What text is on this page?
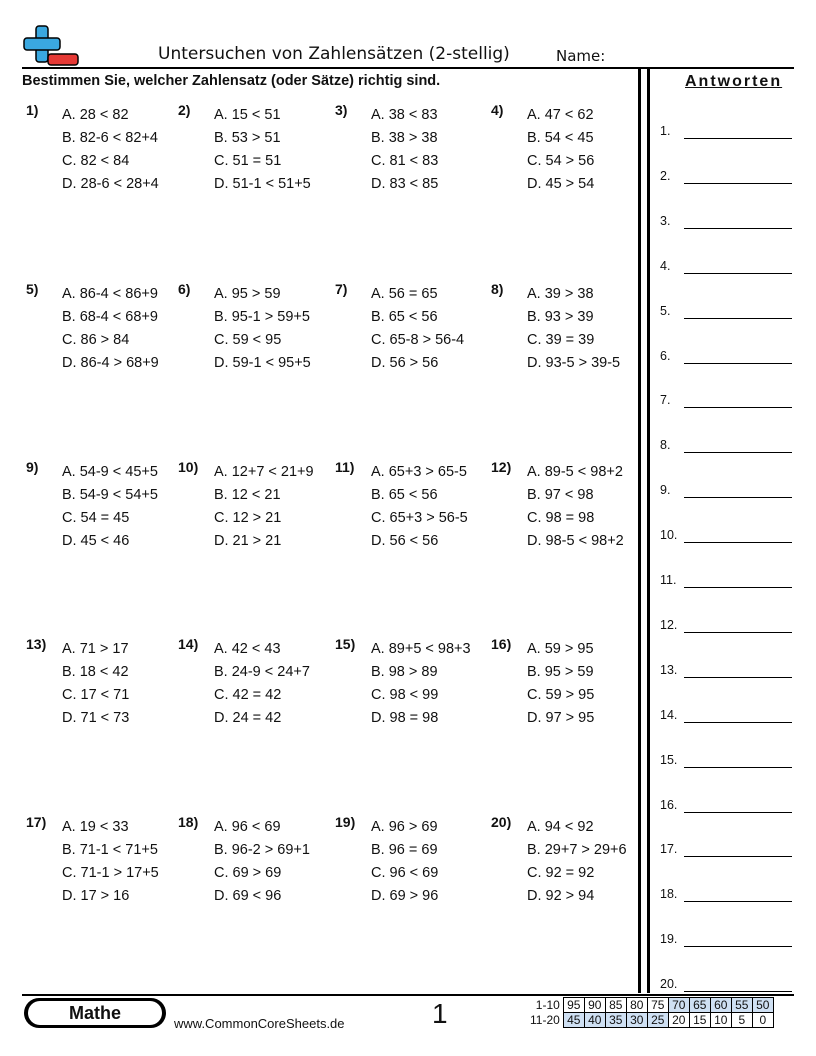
Untersuchen von Zahlensätzen (2-stellig)	Name:
Bestimmen Sie, welcher Zahlensatz (oder Sätze) richtig sind.	Antworten
1) A. 28 < 82
B. 82-6 < 82+4
C. 82 < 84
D. 28-6 < 28+4
2) A. 15 < 51
B. 53 > 51
C. 51 = 51
D. 51-1 < 51+5
3) A. 38 < 83
B. 38 > 38
C. 81 < 83
D. 83 < 85
4) A. 47 < 62
B. 54 < 45
C. 54 > 56
D. 45 > 54
5) A. 86-4 < 86+9
B. 68-4 < 68+9
C. 86 > 84
D. 86-4 > 68+9
6) A. 95 > 59
B. 95-1 > 59+5
C. 59 < 95
D. 59-1 < 95+5
7) A. 56 = 65
B. 65 < 56
C. 65-8 > 56-4
D. 56 > 56
8) A. 39 > 38
B. 93 > 39
C. 39 = 39
D. 93-5 > 39-5
9) A. 54-9 < 45+5
B. 54-9 < 54+5
C. 54 = 45
D. 45 < 46
10) A. 12+7 < 21+9
B. 12 < 21
C. 12 > 21
D. 21 > 21
11) A. 65+3 > 65-5
B. 65 < 56
C. 65+3 > 56-5
D. 56 < 56
12) A. 89-5 < 98+2
B. 97 < 98
C. 98 = 98
D. 98-5 < 98+2
13) A. 71 > 17
B. 18 < 42
C. 17 < 71
D. 71 < 73
14) A. 42 < 43
B. 24-9 < 24+7
C. 42 = 42
D. 24 = 42
15) A. 89+5 < 98+3
B. 98 > 89
C. 98 < 99
D. 98 = 98
16) A. 59 > 95
B. 95 > 59
C. 59 > 95
D. 97 > 95
17) A. 19 < 33
B. 71-1 < 71+5
C. 71-1 > 17+5
D. 17 > 16
18) A. 96 < 69
B. 96-2 > 69+1
C. 69 > 69
D. 69 < 96
19) A. 96 > 69
B. 96 = 69
C. 96 < 69
D. 69 > 96
20) A. 94 < 92
B. 29+7 > 29+6
C. 92 = 92
D. 92 > 94
1.
2.
3.
4.
5.
6.
7.
8.
9.
10.
11.
12.
13.
14.
15.
16.
17.
18.
19.
20.
Mathe
www.CommonCoreSheets.de	1	1-10	95	90	85	80	75	70	65	60	55	50
11-20	45	40	35	30	25	20	15	10	5	0
